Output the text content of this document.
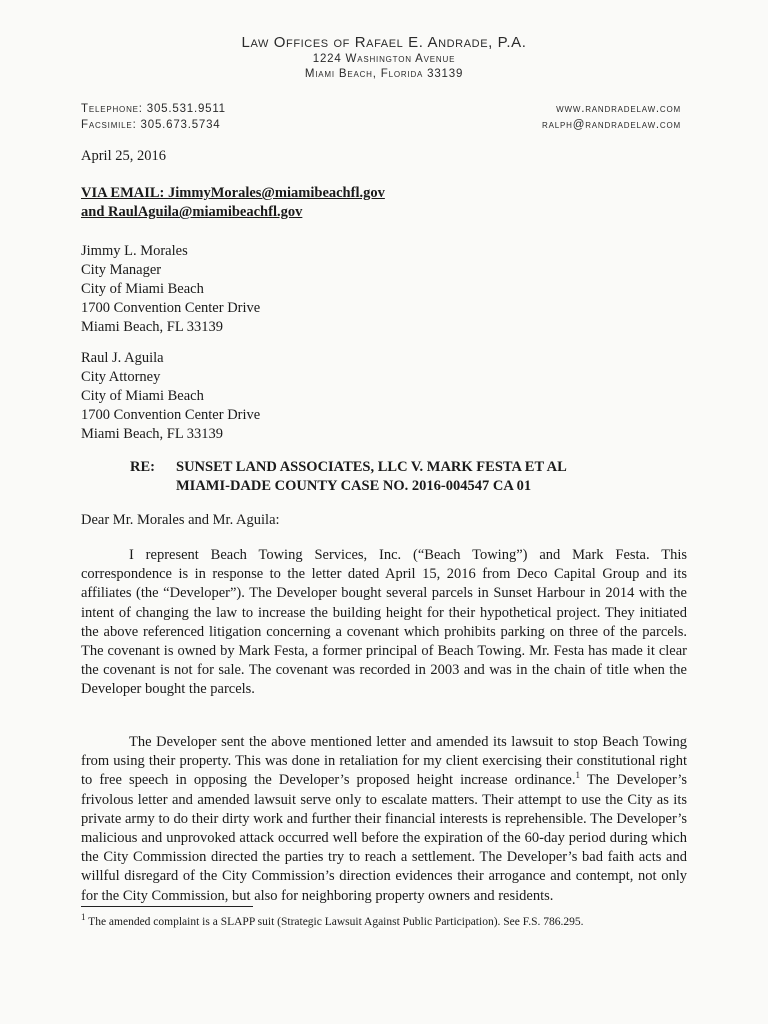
Law Offices of Rafael E. Andrade, P.A.
1224 Washington Avenue
Miami Beach, Florida 33139
Telephone: 305.531.9511
Facsimile: 305.673.5734
www.randradelaw.com
ralph@randradelaw.com
April 25, 2016
VIA EMAIL: JimmyMorales@miamibeachfl.gov
and RaulAguila@miamibeachfl.gov
Jimmy L. Morales
City Manager
City of Miami Beach
1700 Convention Center Drive
Miami Beach, FL 33139
Raul J. Aguila
City Attorney
City of Miami Beach
1700 Convention Center Drive
Miami Beach, FL 33139
RE: SUNSET LAND ASSOCIATES, LLC V. MARK FESTA ET AL
MIAMI-DADE COUNTY CASE NO. 2016-004547 CA 01
Dear Mr. Morales and Mr. Aguila:
I represent Beach Towing Services, Inc. (“Beach Towing”) and Mark Festa. This correspondence is in response to the letter dated April 15, 2016 from Deco Capital Group and its affiliates (the “Developer”). The Developer bought several parcels in Sunset Harbour in 2014 with the intent of changing the law to increase the building height for their hypothetical project. They initiated the above referenced litigation concerning a covenant which prohibits parking on three of the parcels. The covenant is owned by Mark Festa, a former principal of Beach Towing. Mr. Festa has made it clear the covenant is not for sale. The covenant was recorded in 2003 and was in the chain of title when the Developer bought the parcels.
The Developer sent the above mentioned letter and amended its lawsuit to stop Beach Towing from using their property. This was done in retaliation for my client exercising their constitutional right to free speech in opposing the Developer’s proposed height increase ordinance.$^1$ The Developer’s frivolous letter and amended lawsuit serve only to escalate matters. Their attempt to use the City as its private army to do their dirty work and further their financial interests is reprehensible. The Developer’s malicious and unprovoked attack occurred well before the expiration of the 60-day period during which the City Commission directed the parties try to reach a settlement. The Developer’s bad faith acts and willful disregard of the City Commission’s direction evidences their arrogance and contempt, not only for the City Commission, but also for neighboring property owners and residents.
$^1$ The amended complaint is a SLAPP suit (Strategic Lawsuit Against Public Participation). See F.S. 786.295.
